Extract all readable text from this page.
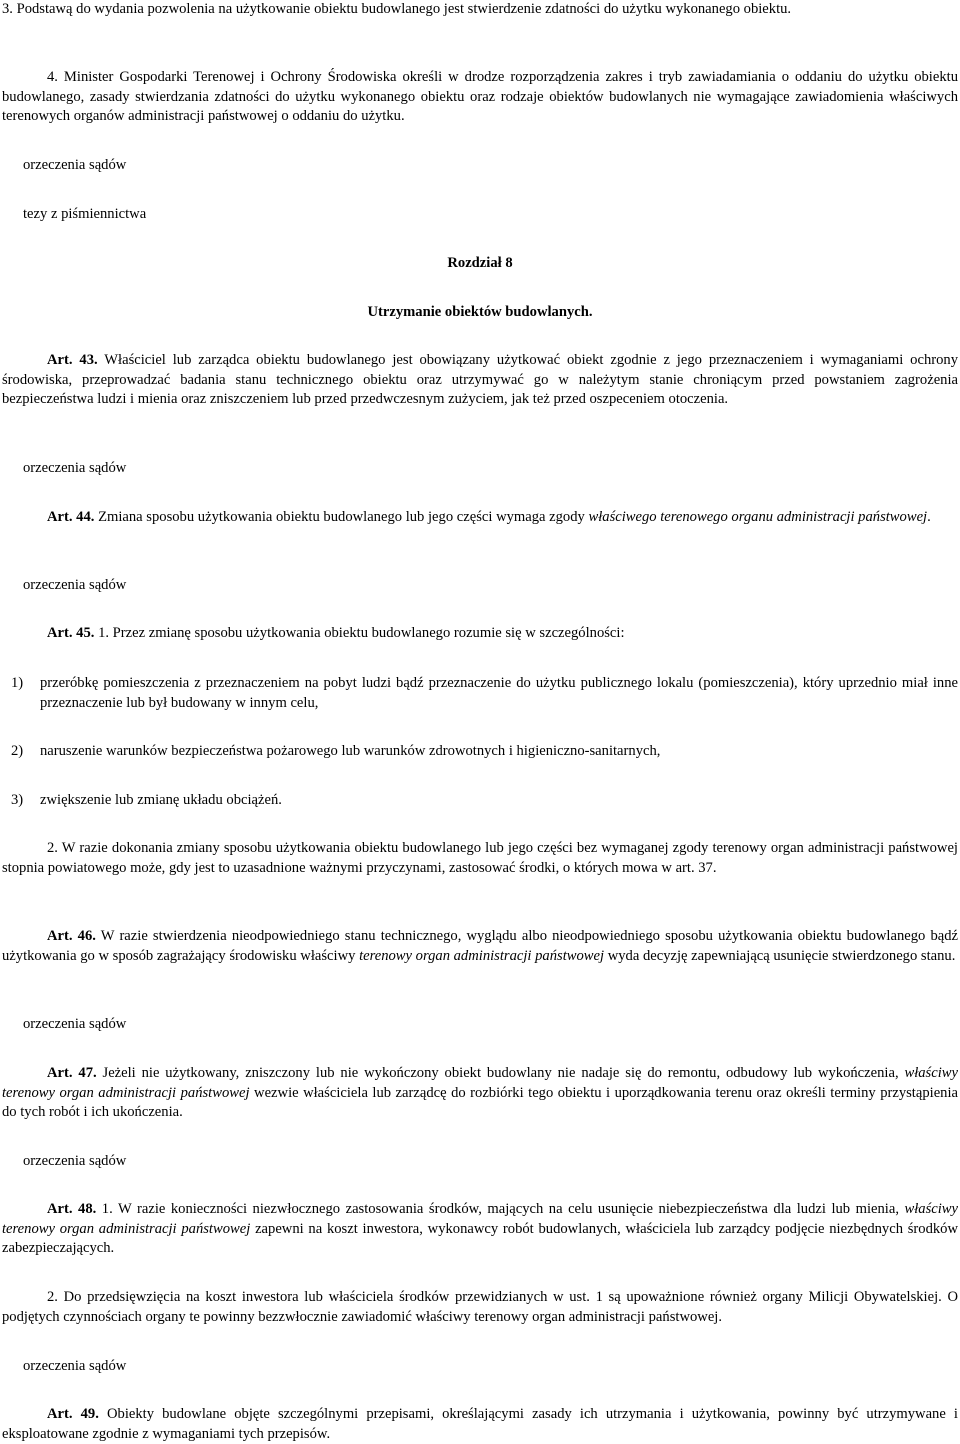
3. Podstawą do wydania pozwolenia na użytkowanie obiektu budowlanego jest stwierdzenie zdatności do użytku wykonanego obiektu.

4. Minister Gospodarki Terenowej i Ochrony Środowiska określi w drodze rozporządzenia zakres i tryb zawiadamiania o oddaniu do użytku obiektu budowlanego, zasady stwierdzania zdatności do użytku wykonanego obiektu oraz rodzaje obiektów budowlanych nie wymagające zawiadomienia właściwych terenowych organów administracji państwowej o oddaniu do użytku.

orzeczenia sądów
tezy z piśmiennictwa

Rozdział 8

Utrzymanie obiektów budowlanych.

Art. 43. Właściciel lub zarządca obiektu budowlanego jest obowiązany użytkować obiekt zgodnie z jego przeznaczeniem i wymaganiami ochrony środowiska, przeprowadzać badania stanu technicznego obiektu oraz utrzymywać go w należytym stanie chroniącym przed powstaniem zagrożenia bezpieczeństwa ludzi i mienia oraz zniszczeniem lub przed przedwczesnym zużyciem, jak też przed oszpeceniem otoczenia.

orzeczenia sądów

Art. 44. Zmiana sposobu użytkowania obiektu budowlanego lub jego części wymaga zgody właściwego terenowego organu administracji państwowej.

orzeczenia sądów

Art. 45. 1. Przez zmianę sposobu użytkowania obiektu budowlanego rozumie się w szczególności:

1) przeróbkę pomieszczenia z przeznaczeniem na pobyt ludzi bądź przeznaczenie do użytku publicznego lokalu (pomieszczenia), który uprzednio miał inne przeznaczenie lub był budowany w innym celu,
2) naruszenie warunków bezpieczeństwa pożarowego lub warunków zdrowotnych i higieniczno-sanitarnych,
3) zwiększenie lub zmianę układu obciążeń.

2. W razie dokonania zmiany sposobu użytkowania obiektu budowlanego lub jego części bez wymaganej zgody terenowy organ administracji państwowej stopnia powiatowego może, gdy jest to uzasadnione ważnymi przyczynami, zastosować środki, o których mowa w art. 37.

Art. 46. W razie stwierdzenia nieodpowiedniego stanu technicznego, wyglądu albo nieodpowiedniego sposobu użytkowania obiektu budowlanego bądź użytkowania go w sposób zagrażający środowisku właściwy terenowy organ administracji państwowej wyda decyzję zapewniającą usunięcie stwierdzonego stanu.

orzeczenia sądów

Art. 47. Jeżeli nie użytkowany, zniszczony lub nie wykończony obiekt budowlany nie nadaje się do remontu, odbudowy lub wykończenia, właściwy terenowy organ administracji państwowej wezwie właściciela lub zarządcę do rozbiórki tego obiektu i uporządkowania terenu oraz określi terminy przystąpienia do tych robót i ich ukończenia.

orzeczenia sądów

Art. 48. 1. W razie konieczności niezwłocznego zastosowania środków, mających na celu usunięcie niebezpieczeństwa dla ludzi lub mienia, właściwy terenowy organ administracji państwowej zapewni na koszt inwestora, wykonawcy robót budowlanych, właściciela lub zarządcy podjęcie niezbędnych środków zabezpieczających.

2. Do przedsięwzięcia na koszt inwestora lub właściciela środków przewidzianych w ust. 1 są upoważnione również organy Milicji Obywatelskiej. O podjętych czynnościach organy te powinny bezzwłocznie zawiadomić właściwy terenowy organ administracji państwowej.

orzeczenia sądów

Art. 49. Obiekty budowlane objęte szczególnymi przepisami, określającymi zasady ich utrzymania i użytkowania, powinny być utrzymywane i eksploatowane zgodnie z wymaganiami tych przepisów.
